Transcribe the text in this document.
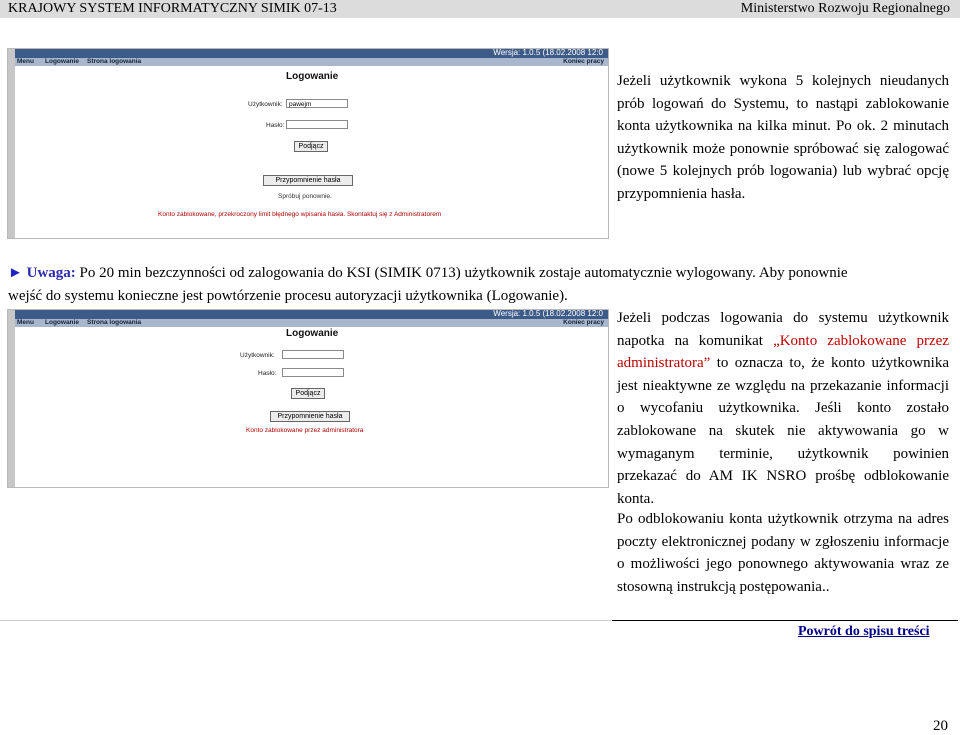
KRAJOWY SYSTEM INFORMATYCZNY SIMIK 07-13	Ministerstwo Rozwoju Regionalnego
Wersja: 1.0.5 (18.02.2008 12:0
Menu Logowanie Strona logowania	Koniec pracy
Logowanie
Użytkownik: pawejm
Hasło:
Podjącz
Przypomnienie hasła
Spróbuj ponownie.
Konto zablokowane, przekroczony limit błędnego wpisania hasła. Skontaktuj się z Administratorem
Jeżeli użytkownik wykona 5 kolejnych nieudanych prób logowań do Systemu, to nastąpi zablokowanie konta użytkownika na kilka minut. Po ok. 2 minutach użytkownik może ponownie spróbować się zalogować (nowe 5 kolejnych prób logowania) lub wybrać opcję przypomnienia hasła.
► Uwaga: Po 20 min bezczynności od zalogowania do KSI (SIMIK 0713) użytkownik zostaje automatycznie wylogowany. Aby ponownie
wejść do systemu konieczne jest powtórzenie procesu autoryzacji użytkownika (Logowanie).
Wersja: 1.0.5 (18.02.2008 12:0
Menu Logowanie Strona logowania	Koniec pracy
Logowanie
Użytkownik:
Hasło:
Podjącz
Przypomnienie hasła
Konto zablokowane przez administratora
Jeżeli podczas logowania do systemu użytkownik napotka na komunikat „Konto zablokowane przez administratora” to oznacza to, że konto użytkownika jest nieaktywne ze względu na przekazanie informacji o wycofaniu użytkownika. Jeśli konto zostało zablokowane na skutek nie aktywowania go w wymaganym terminie, użytkownik powinien przekazać do AM IK NSRO prośbę odblokowanie konta.
Po odblokowaniu konta użytkownik otrzyma na adres poczty elektronicznej podany w zgłoszeniu informacje o możliwości jego ponownego aktywowania wraz ze stosowną instrukcją postępowania..
Powrót do spisu treści
20
